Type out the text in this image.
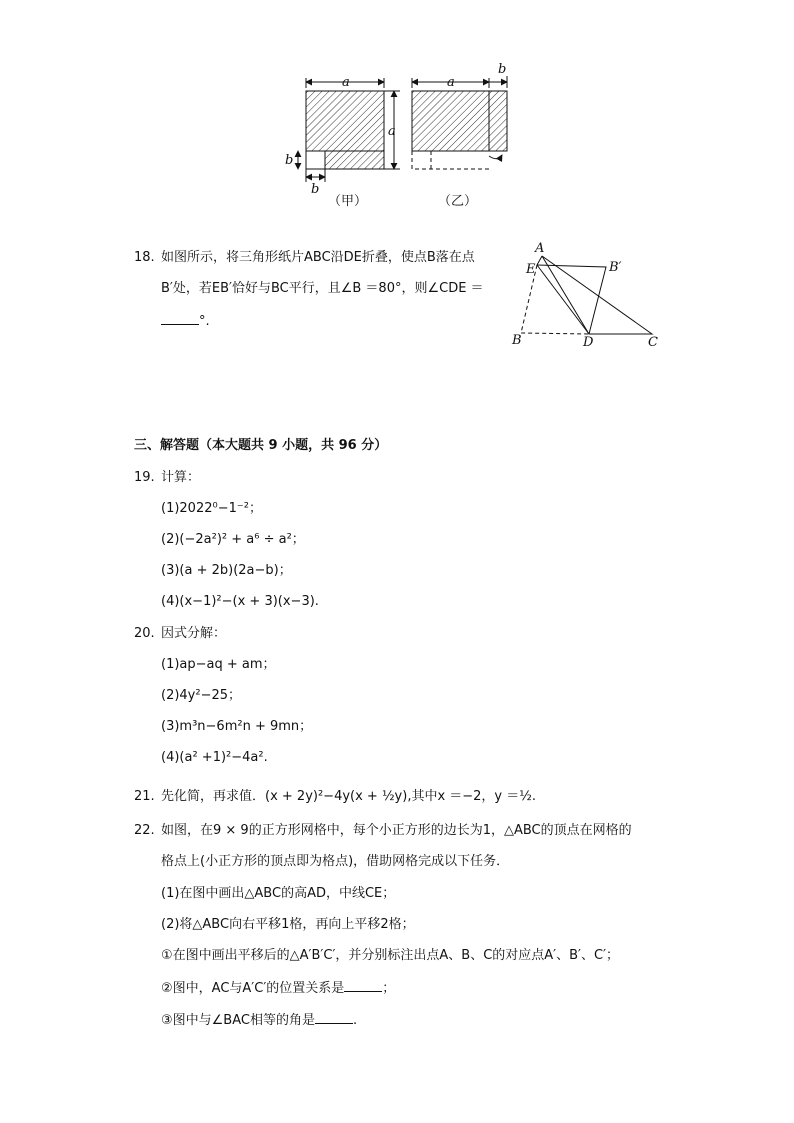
a
a
b
b
（甲）
a
b
（乙）
18. 如图所示，将三角形纸片ABC沿DE折叠，使点B落在点
B′处，若EB′恰好与BC平行，且∠B ＝80°，则∠CDE ＝
°.
A
E	B′
B	D	C
三、解答题（本大题共 9 小题，共 96 分）
19. 计算：
(1)2022⁰−1⁻²；
(2)(−2a²)² + a⁶ ÷ a²；
(3)(a + 2b)(2a−b)；
(4)(x−1)²−(x + 3)(x−3).
20. 因式分解：
(1)ap−aq + am；
(2)4y²−25；
(3)m³n−6m²n + 9mn；
(4)(a² +1)²−4a².
21. 先化简，再求值．(x + 2y)²−4y(x + ½y),其中x ＝−2，y ＝½.
22. 如图，在9 × 9的正方形网格中，每个小正方形的边长为1，△ABC的顶点在网格的
格点上(小正方形的顶点即为格点)，借助网格完成以下任务．
(1)在图中画出△ABC的高AD，中线CE；
(2)将△ABC向右平移1格，再向上平移2格；
①在图中画出平移后的△A′B′C′，并分别标注出点A、B、C的对应点A′、B′、C′；
②图中，AC与A′C′的位置关系是	；
③图中与∠BAC相等的角是	.
